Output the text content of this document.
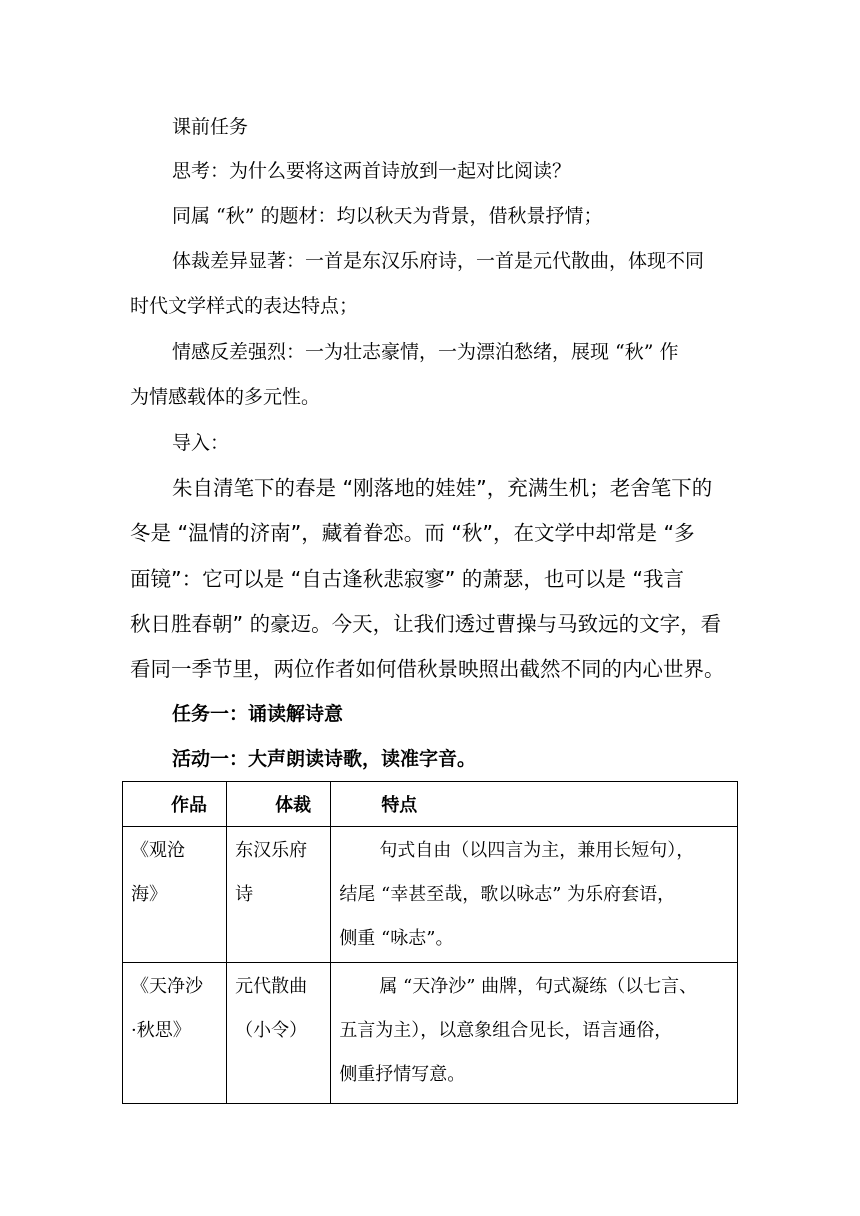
课前任务
思考：为什么要将这两首诗放到一起对比阅读？
同属 “秋” 的题材：均以秋天为背景，借秋景抒情；
体裁差异显著：一首是东汉乐府诗，一首是元代散曲，体现不同
时代文学样式的表达特点；
情感反差强烈：一为壮志豪情，一为漂泊愁绪，展现 “秋” 作
为情感载体的多元性。
导入：
朱自清笔下的春是 “刚落地的娃娃”，充满生机；老舍笔下的
冬是 “温情的济南”，藏着眷恋。而 “秋”，在文学中却常是 “多
面镜”：它可以是 “自古逢秋悲寂寥” 的萧瑟，也可以是 “我言
秋日胜春朝” 的豪迈。今天，让我们透过曹操与马致远的文字，看
看同一季节里，两位作者如何借秋景映照出截然不同的内心世界。
任务一：诵读解诗意
活动一：大声朗读诗歌，读准字音。
作品	体裁	特点

《观沧
海》	东汉乐府
诗	句式自由（以四言为主，兼用长短句），
结尾 “幸甚至哉，歌以咏志” 为乐府套语，
侧重 “咏志”。

《天净沙
·秋思》	元代散曲
（小令）	属 “天净沙” 曲牌，句式凝练（以七言、
五言为主），以意象组合见长，语言通俗，
侧重抒情写意。
